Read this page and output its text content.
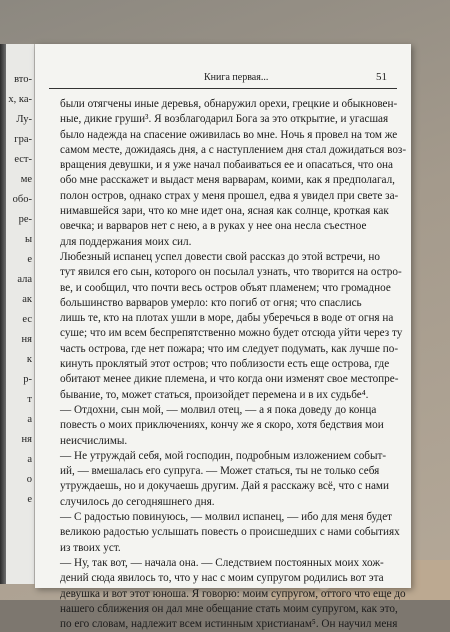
вто-
х, ка-
Лу-
гра-
ест-
ме
обо-
ре-
ы
е
ала
ак
ес
ня
к
р-
т
а
ня
а
о
е
Книга первая...	51
были отягчены иные деревья, обнаружил орехи, грецкие и обыкновен-
ные, дикие груши³. Я возблагодарил Бога за это открытие, и угасшая
было надежда на спасение оживилась во мне. Ночь я провел на том же
самом месте, дожидаясь дня, а с наступлением дня стал дожидаться воз-
вращения девушки, и я уже начал побаиваться ее и опасаться, что она
обо мне расскажет и выдаст меня варварам, коими, как я предполагал,
полон остров, однако страх у меня прошел, едва я увидел при свете за-
нимавшейся зари, что ко мне идет она, ясная как солнце, кроткая как
овечка; и варваров нет с нею, а в руках у нее она несла съестное
для поддержания моих сил.
Любезный испанец успел довести свой рассказ до этой встречи, но
тут явился его сын, которого он посылал узнать, что творится на остро-
ве, и сообщил, что почти весь остров объят пламенем; что громадное
большинство варваров умерло: кто погиб от огня; что спаслись
лишь те, кто на плотах ушли в море, дабы уберечься в воде от огня на
суше; что им всем беспрепятственно можно будет отсюда уйти через ту
часть острова, где нет пожара; что им следует подумать, как лучше по-
кинуть проклятый этот остров; что поблизости есть еще острова, где
обитают менее дикие племена, и что когда они изменят свое местопре-
бывание, то, может статься, произойдет перемена и в их судьбе⁴.
— Отдохни, сын мой, — молвил отец, — а я пока доведу до конца
повесть о моих приключениях, кончу же я скоро, хотя бедствия мои
неисчислимы.
— Не утруждай себя, мой господин, подробным изложением событ-
ий, — вмешалась его супруга. — Может статься, ты не только себя
утруждаешь, но и докучаешь другим. Дай я расскажу всё, что с нами
случилось до сегодняшнего дня.
— С радостью повинуюсь, — молвил испанец, — ибо для меня будет
великою радостью услышать повесть о происшедших с нами событиях
из твоих уст.
— Ну, так вот, — начала она. — Следствием постоянных моих хож-
дений сюда явилось то, что у нас с моим супругом родились вот эта
девушка и вот этот юноша. Я говорю: моим супругом, оттого что еще до
нашего сближения он дал мне обещание стать моим супругом, как это,
по его словам, надлежит всем истинным христианам⁵. Он научил меня
